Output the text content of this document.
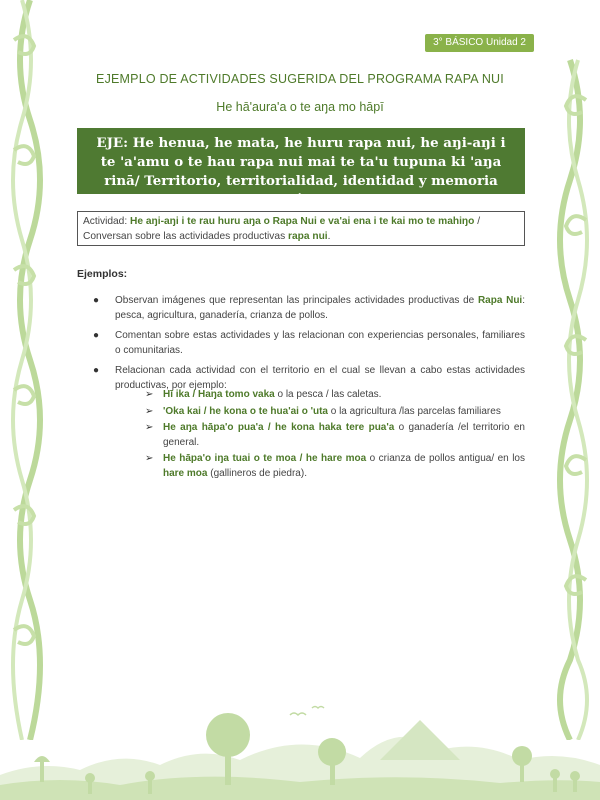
3° BÁSICO Unidad 2
EJEMPLO DE ACTIVIDADES SUGERIDA DEL PROGRAMA RAPA NUI
He hā'aura'a o te aŋa mo hāpī
EJE: He henua, he mata, he huru rapa nui, he aŋi-aŋi i te 'a'amu o te hau rapa nui mai te ta'u tupuna ki 'aŋa rinā/ Territorio, territorialidad, identidad y memoria histórica.
Actividad: He aŋi-aŋi i te rau huru aŋa o Rapa Nui e va'ai ena i te kai mo te mahiŋo / Conversan sobre las actividades productivas rapa nui.
Ejemplos:
● Observan imágenes que representan las principales actividades productivas de Rapa Nui: pesca, agricultura, ganadería, crianza de pollos.
● Comentan sobre estas actividades y las relacionan con experiencias personales, familiares o comunitarias.
● Relacionan cada actividad con el territorio en el cual se llevan a cabo estas actividades productivas, por ejemplo:
➢ Hī ika / Haŋa tomo vaka o la pesca / las caletas.
➢ 'Oka kai / he kona o te hua'ai o 'uta o la agricultura /las parcelas familiares
➢ He aŋa hāpa'o pua'a / he kona haka tere pua'a o ganadería /el territorio en general.
➢ He hāpa'o iŋa tuai o te moa / he hare moa o crianza de pollos antigua/ en los hare moa (gallineros de piedra).
